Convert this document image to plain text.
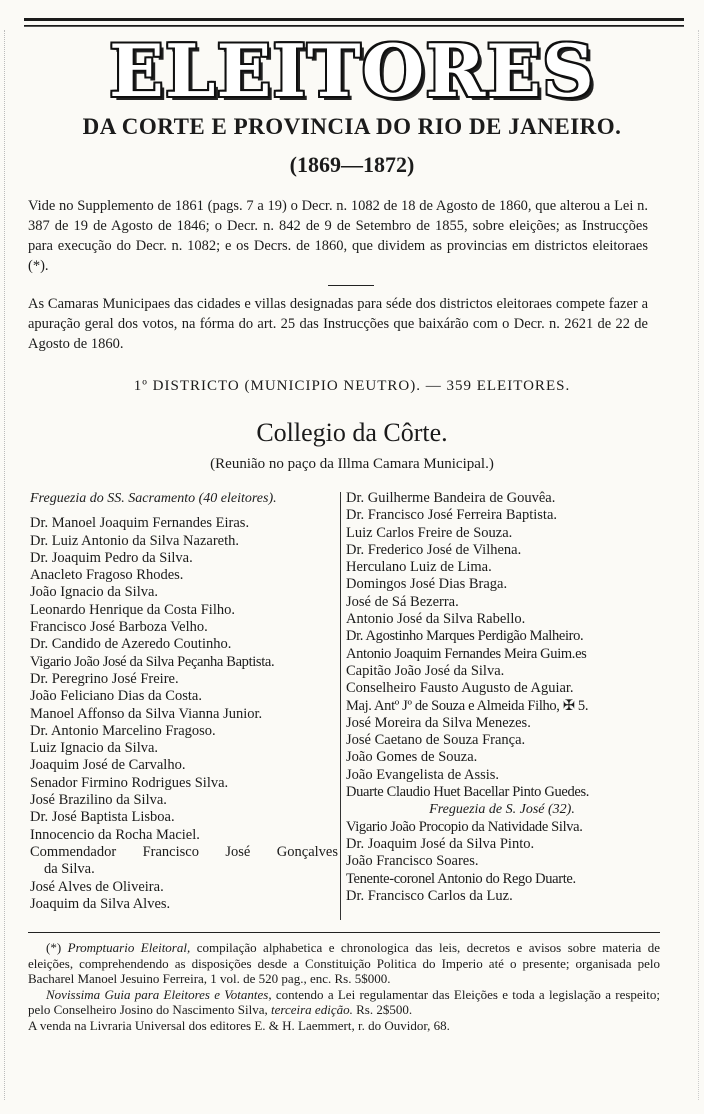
ELEITORES
DA CORTE E PROVINCIA DO RIO DE JANEIRO.
(1869—1872)
Vide no Supplemento de 1861 (pags. 7 a 19) o Decr. n. 1082 de 18 de Agosto de 1860, que alterou a Lei n. 387 de 19 de Agosto de 1846; o Decr. n. 842 de 9 de Setembro de 1855, sobre eleições; as Instrucções para execução do Decr. n. 1082; e os Decrs. de 1860, que dividem as provincias em districtos eleitoraes (*).
As Camaras Municipaes das cidades e villas designadas para séde dos districtos eleitoraes compete fazer a apuração geral dos votos, na fórma do art. 25 das Instrucções que baixárão com o Decr. n. 2621 de 22 de Agosto de 1860.
1º DISTRICTO (MUNICIPIO NEUTRO). — 359 ELEITORES.
Collegio da Côrte.
(Reunião no paço da Illma Camara Municipal.)
Freguezia do SS. Sacramento (40 eleitores).
Dr. Manoel Joaquim Fernandes Eiras.
Dr. Luiz Antonio da Silva Nazareth.
Dr. Joaquim Pedro da Silva.
Anacleto Fragoso Rhodes.
João Ignacio da Silva.
Leonardo Henrique da Costa Filho.
Francisco José Barboza Velho.
Dr. Candido de Azeredo Coutinho.
Vigario João José da Silva Peçanha Baptista.
Dr. Peregrino José Freire.
João Feliciano Dias da Costa.
Manoel Affonso da Silva Vianna Junior.
Dr. Antonio Marcelino Fragoso.
Luiz Ignacio da Silva.
Joaquim José de Carvalho.
Senador Firmino Rodrigues Silva.
José Brazilino da Silva.
Dr. José Baptista Lisboa.
Innocencio da Rocha Maciel.
Commendador Francisco José Gonçalves
da Silva.
José Alves de Oliveira.
Joaquim da Silva Alves.
Dr. Guilherme Bandeira de Gouvêa.
Dr. Francisco José Ferreira Baptista.
Luiz Carlos Freire de Souza.
Dr. Frederico José de Vilhena.
Herculano Luiz de Lima.
Domingos José Dias Braga.
José de Sá Bezerra.
Antonio José da Silva Rabello.
Dr. Agostinho Marques Perdigão Malheiro.
Antonio Joaquim Fernandes Meira Guim.es
Capitão João José da Silva.
Conselheiro Fausto Augusto de Aguiar.
Maj. Antº Jº de Souza e Almeida Filho, ✠ 5.
José Moreira da Silva Menezes.
José Caetano de Souza França.
João Gomes de Souza.
João Evangelista de Assis.
Duarte Claudio Huet Bacellar Pinto Guedes.
Freguezia de S. José (32).
Vigario João Procopio da Natividade Silva.
Dr. Joaquim José da Silva Pinto.
João Francisco Soares.
Tenente-coronel Antonio do Rego Duarte.
Dr. Francisco Carlos da Luz.

(*) Promptuario Eleitoral, compilação alphabetica e chronologica das leis, decretos e avisos sobre materia de eleições, comprehendendo as disposições desde a Constituição Politica do Imperio até o presente; organisada pelo Bacharel Manoel Jesuino Ferreira, 1 vol. de 520 pag., enc. Rs. 5$000.

Novissima Guia para Eleitores e Votantes, contendo a Lei regulamentar das Eleições e toda a legislação a respeito; pelo Conselheiro Josino do Nascimento Silva, terceira edição. Rs. 2$500.

A venda na Livraria Universal dos editores E. & H. Laemmert, r. do Ouvidor, 68.
